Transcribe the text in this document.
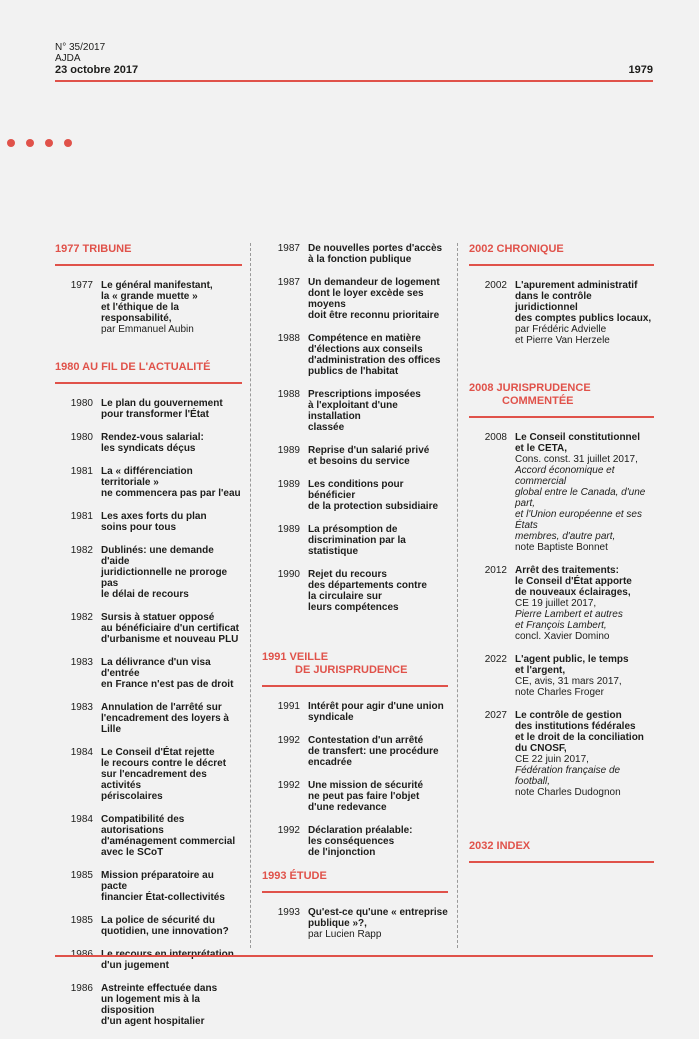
N° 35/2017
AJDA
23 octobre 2017	1979
1977 TRIBUNE
1977 Le général manifestant,
la « grande muette »
et l'éthique de la responsabilité,
par Emmanuel Aubin
1980 AU FIL DE L'ACTUALITÉ
1980 Le plan du gouvernement
pour transformer l'État
1980 Rendez-vous salarial:
les syndicats déçus
1981 La « différenciation territoriale »
ne commencera pas par l'eau
1981 Les axes forts du plan
soins pour tous
1982 Dublinés: une demande d'aide
juridictionnelle ne proroge pas
le délai de recours
1982 Sursis à statuer opposé
au bénéficiaire d'un certificat
d'urbanisme et nouveau PLU
1983 La délivrance d'un visa d'entrée
en France n'est pas de droit
1983 Annulation de l'arrêté sur
l'encadrement des loyers à Lille
1984 Le Conseil d'État rejette
le recours contre le décret
sur l'encadrement des activités
périscolaires
1984 Compatibilité des autorisations
d'aménagement commercial
avec le SCoT
1985 Mission préparatoire au pacte
financier État-collectivités
1985 La police de sécurité du
quotidien, une innovation?
d'un jugement
1986 Astreinte effectuée dans
un logement mis à la disposition
d'un agent hospitalier
1987 De nouvelles portes d'accès
à la fonction publique
1987 Un demandeur de logement
dont le loyer excède ses moyens
doit être reconnu prioritaire
1988 Compétence en matière
d'élections aux conseils
d'administration des offices
publics de l'habitat
1988 Prescriptions imposées
à l'exploitant d'une installation
classée
1989 Reprise d'un salarié privé
et besoins du service
1989 Les conditions pour bénéficier
de la protection subsidiaire
1989 La présomption de
discrimination par la statistique
1990 Rejet du recours
des départements contre
la circulaire sur
leurs compétences
1991 VEILLE
DE JURISPRUDENCE
1991 Intérêt pour agir d'une union
syndicale
1992 Contestation d'un arrêté
de transfert: une procédure
encadrée
1992 Une mission de sécurité
ne peut pas faire l'objet
d'une redevance
1992 Déclaration préalable:
les conséquences
de l'injonction
1993 ÉTUDE
1993 Qu'est-ce qu'une « entreprise
publique »?,
par Lucien Rapp
2002 CHRONIQUE
2002 L'apurement administratif
dans le contrôle juridictionnel
des comptes publics locaux,
par Frédéric Advielle
et Pierre Van Herzele
2008 JURISPRUDENCE
COMMENTÉE
2008 Le Conseil constitutionnel
et le CETA,
Cons. const. 31 juillet 2017,
Accord économique et commercial
global entre le Canada, d'une part,
et l'Union européenne et ses États
membres, d'autre part,
note Baptiste Bonnet
2012 Arrêt des traitements:
le Conseil d'État apporte
de nouveaux éclairages,
CE 19 juillet 2017,
Pierre Lambert et autres
et François Lambert,
concl. Xavier Domino
2022 L'agent public, le temps
et l'argent,
CE, avis, 31 mars 2017,
note Charles Froger
2027 Le contrôle de gestion
des institutions fédérales
et le droit de la conciliation
du CNOSF,
CE 22 juin 2017,
Fédération française de football,
note Charles Dudognon
2032 INDEX
